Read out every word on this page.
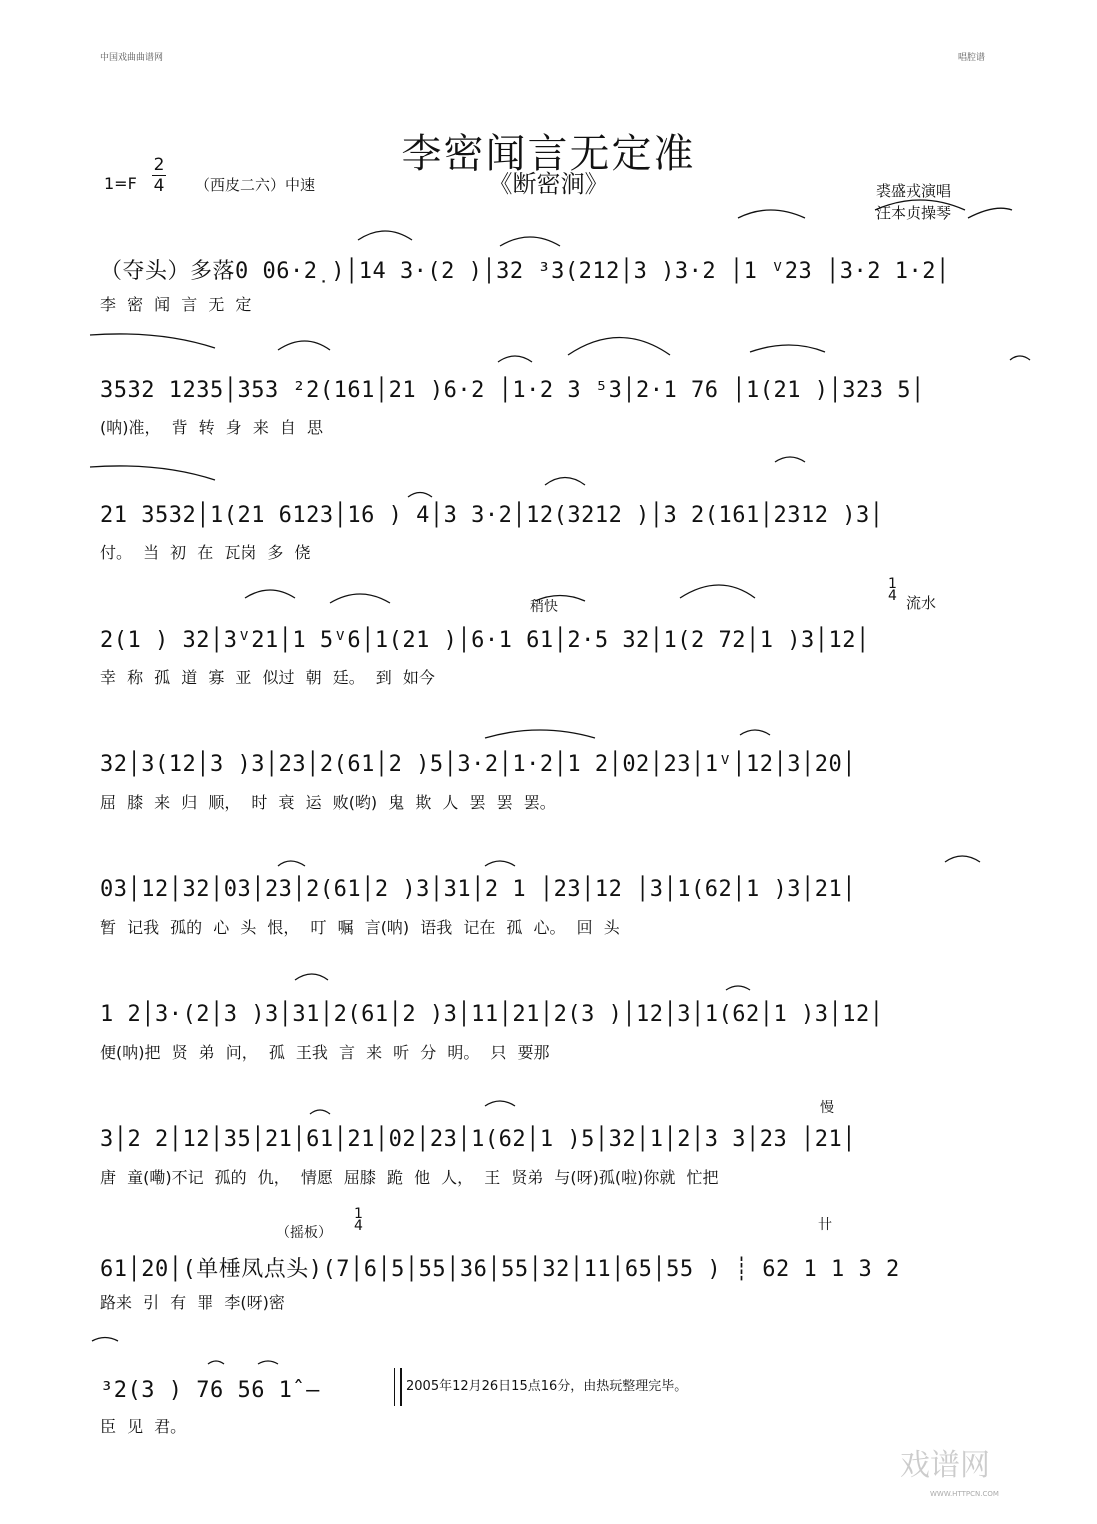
中国戏曲曲谱网	唱腔谱
李密闻言无定准
《断密涧》
1=F
2
4 （西皮二六）中速	裘盛戎演唱
汪本贞操琴
（夺头）多落0 06·2̣ )│14 3·(2 )│32 ³3(212│3 )3·2 │1 ⱽ23 │3·2 1·2│
李 密 闻 言 无 定
3532 1235│353 ²2(161│21 )6·2 │1·2 3 ⁵3│2·1 76 │1(21 )│323 5│
(呐)准， 背 转 身 来 自 思
21 3532│1(21 6123│16 ) 4│3 3·2│12(3212 )│3 2(161│2312 )3│
付。 当 初 在 瓦岗 多 侥
稍快
1
4 流水
2(1 ) 32│3ⱽ21│1 5ⱽ6│1(21 )│6·1 61│2·5 32│1(2 72│1 )3│12│
幸 称 孤 道 寡 亚 似过 朝 廷。 到 如今
32│3(12│3 )3│23│2(61│2 )5│3·2│1·2│1 2│02│23│1ⱽ│12│3│20│
屈 膝 来 归 顺， 时 衰 运 败(哟) 鬼 欺 人 罢 罢 罢。
03│12│32│03│23│2(61│2 )3│31│2 1 │23│12 │3│1(62│1 )3│21│
暂 记我 孤的 心 头 恨， 叮 嘱 言(呐) 语我 记在 孤 心。 回 头
1 2│3·(2│3 )3│31│2(61│2 )3│11│21│2(3 )│12│3│1(62│1 )3│12│
便(呐)把 贤 弟 问， 孤 王我 言 来 听 分 明。 只 要那
慢
3│2 2│12│35│21│61│21│02│23│1(62│1 )5│32│1│2│3 3│23 │21│
唐 童(嘞)不记 孤的 仇， 情愿 屈膝 跪 他 人， 王 贤弟 与(呀)孤(啦)你就 忙把
（摇板）
1
4	卄
61│20│(单棰凤点头)(7│6│5│55│36│55│32│11│65│55 ) ┊ 62 1 1 3 2
路来 引 有 罪 李(呀)密
³2(3 ) 76 56 1̂ —
臣 见 君。
2005年12月26日15点16分，由热玩整理完毕。
戏谱网
WWW.HTTPCN.COM
